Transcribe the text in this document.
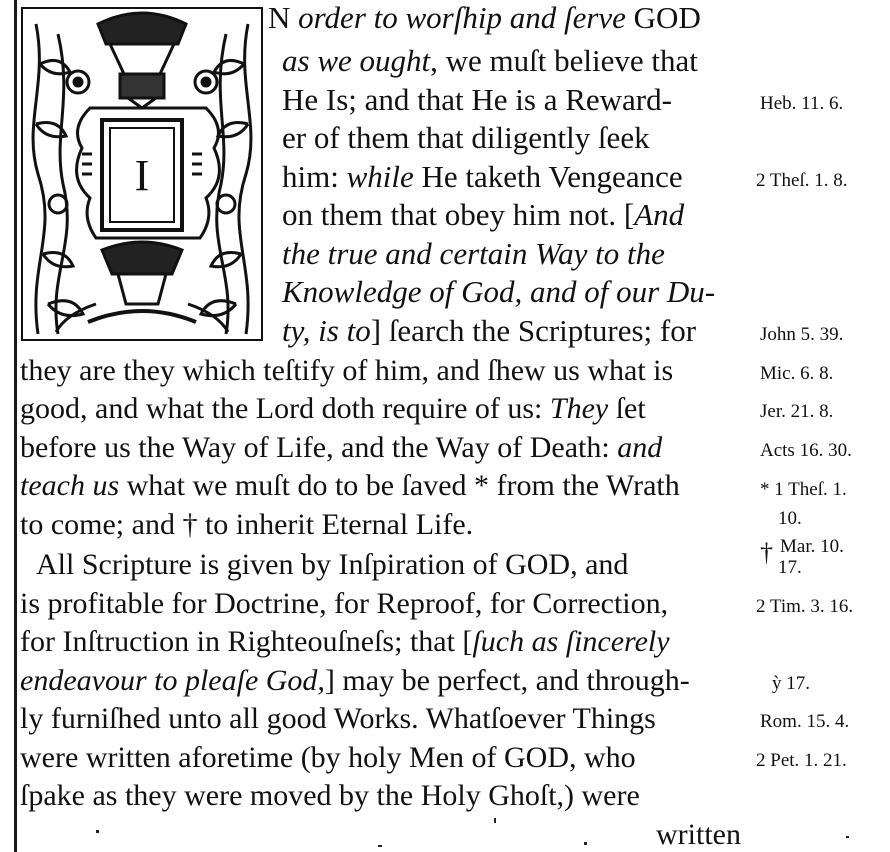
I
N order to worſhip and ſerve GOD
as we ought, we muſt believe that
He Is; and that He is a Reward-
er of them that diligently ſeek
him: while He taketh Vengeance
on them that obey him not. [And
the true and certain Way to the
Knowledge of God, and of our Du-
ty, is to] ſearch the Scriptures; for
they are they which teſtify of him, and ſhew us what is
good, and what the Lord doth require of us: They ſet
before us the Way of Life, and the Way of Death: and
teach us what we muſt do to be ſaved * from the Wrath
to come; and † to inherit Eternal Life.
All Scripture is given by Inſpiration of GOD, and
is profitable for Doctrine, for Reproof, for Correction,
for Inſtruction in Righteouſneſs; that [ſuch as ſincerely
endeavour to pleaſe God,] may be perfect, and through-
ly furniſhed unto all good Works. Whatſoever Things
were written aforetime (by holy Men of GOD, who
ſpake as they were moved by the Holy Ghoſt,) were
written
Heb. 11. 6.
2 Theſ. 1. 8.
John 5. 39.
Mic. 6. 8.
Jer. 21. 8.
Acts 16. 30.
* 1 Theſ. 1.
10.
† Mar. 10.
17.
2 Tim. 3. 16.
ỳ 17.
Rom. 15. 4.
2 Pet. 1. 21.
